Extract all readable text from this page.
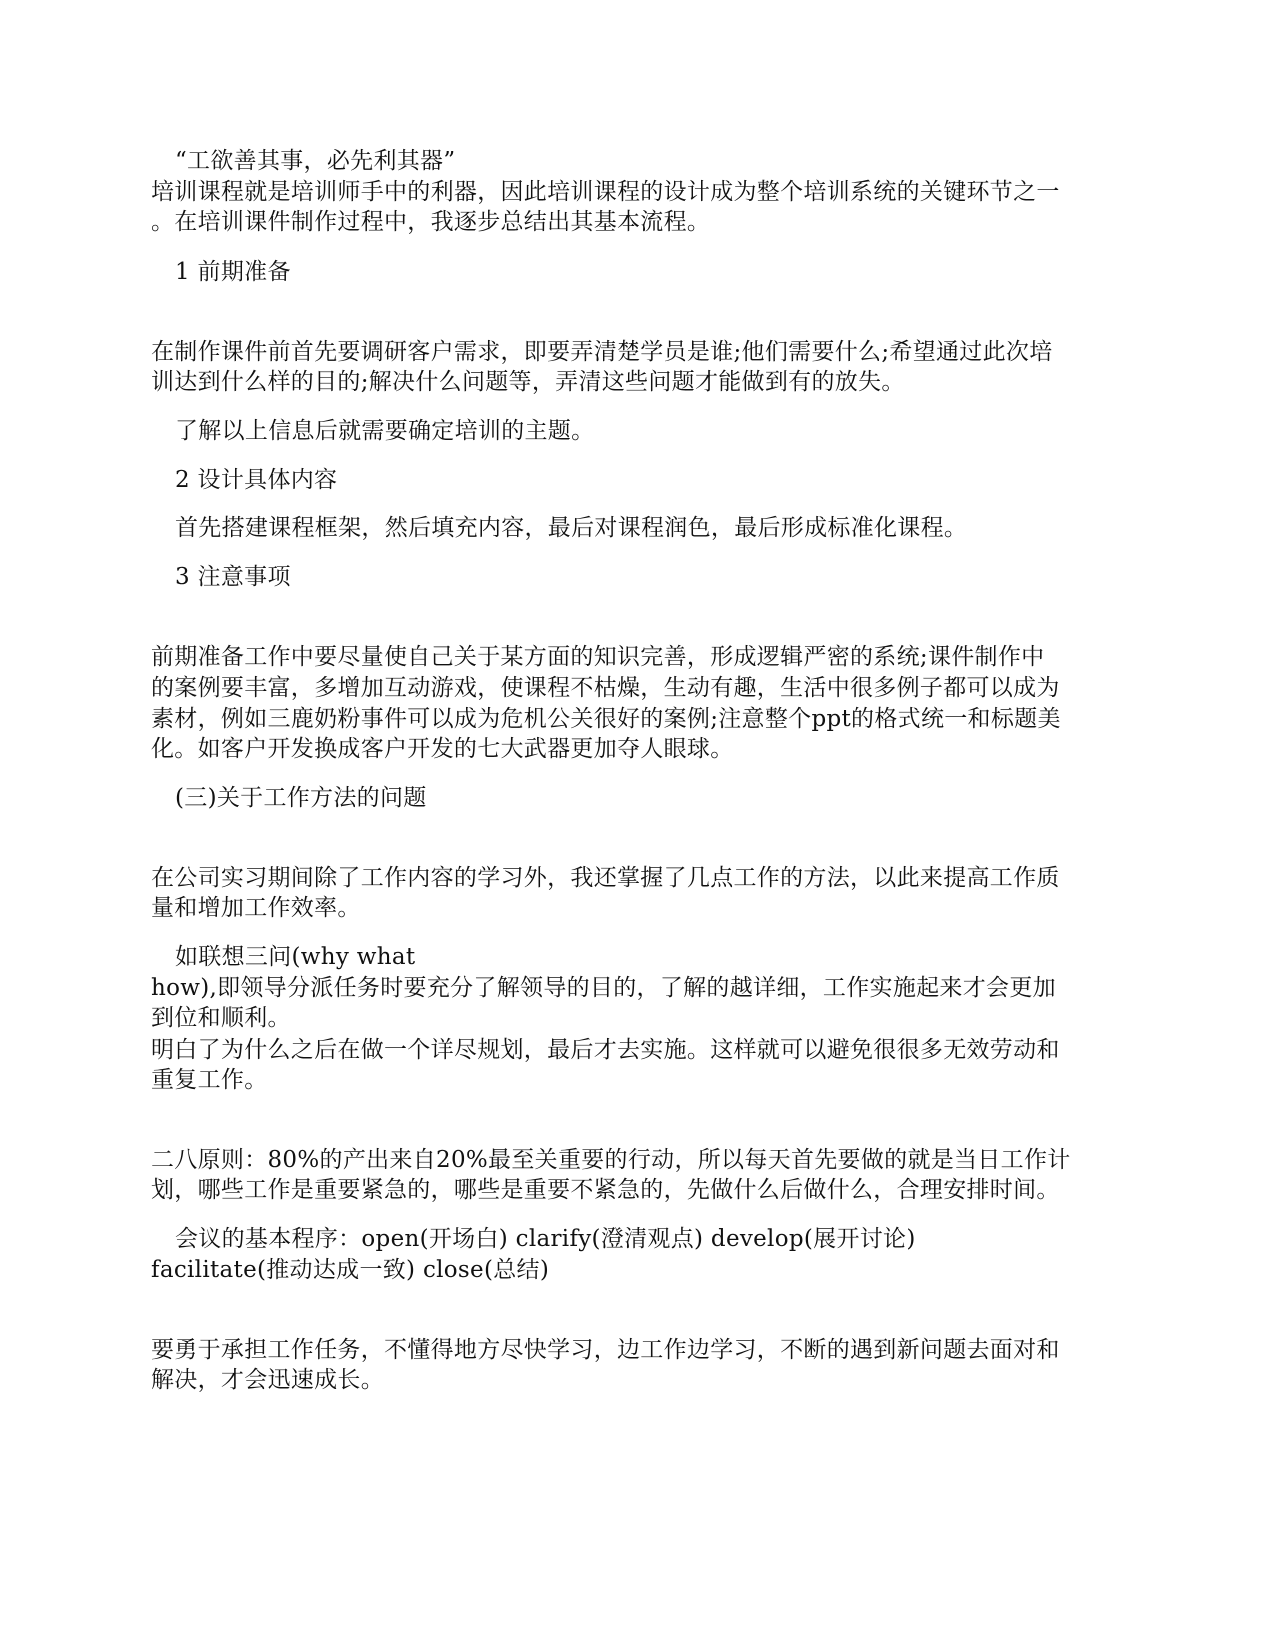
“工欲善其事，必先利其器”
培训课程就是培训师手中的利器，因此培训课程的设计成为整个培训系统的关键环节之一
。在培训课件制作过程中，我逐步总结出其基本流程。
1 前期准备
在制作课件前首先要调研客户需求，即要弄清楚学员是谁;他们需要什么;希望通过此次培
训达到什么样的目的;解决什么问题等，弄清这些问题才能做到有的放失。
了解以上信息后就需要确定培训的主题。
2 设计具体内容
首先搭建课程框架，然后填充内容，最后对课程润色，最后形成标准化课程。
3 注意事项
前期准备工作中要尽量使自己关于某方面的知识完善，形成逻辑严密的系统;课件制作中
的案例要丰富，多增加互动游戏，使课程不枯燥，生动有趣，生活中很多例子都可以成为
素材，例如三鹿奶粉事件可以成为危机公关很好的案例;注意整个ppt的格式统一和标题美
化。如客户开发换成客户开发的七大武器更加夺人眼球。
(三)关于工作方法的问题
在公司实习期间除了工作内容的学习外，我还掌握了几点工作的方法，以此来提高工作质
量和增加工作效率。
如联想三问(why what
how),即领导分派任务时要充分了解领导的目的，了解的越详细，工作实施起来才会更加
到位和顺利。
明白了为什么之后在做一个详尽规划，最后才去实施。这样就可以避免很很多无效劳动和
重复工作。
二八原则：80%的产出来自20%最至关重要的行动，所以每天首先要做的就是当日工作计
划，哪些工作是重要紧急的，哪些是重要不紧急的，先做什么后做什么，合理安排时间。
会议的基本程序：open(开场白) clarify(澄清观点) develop(展开讨论)
facilitate(推动达成一致) close(总结)
要勇于承担工作任务，不懂得地方尽快学习，边工作边学习，不断的遇到新问题去面对和
解决，才会迅速成长。
